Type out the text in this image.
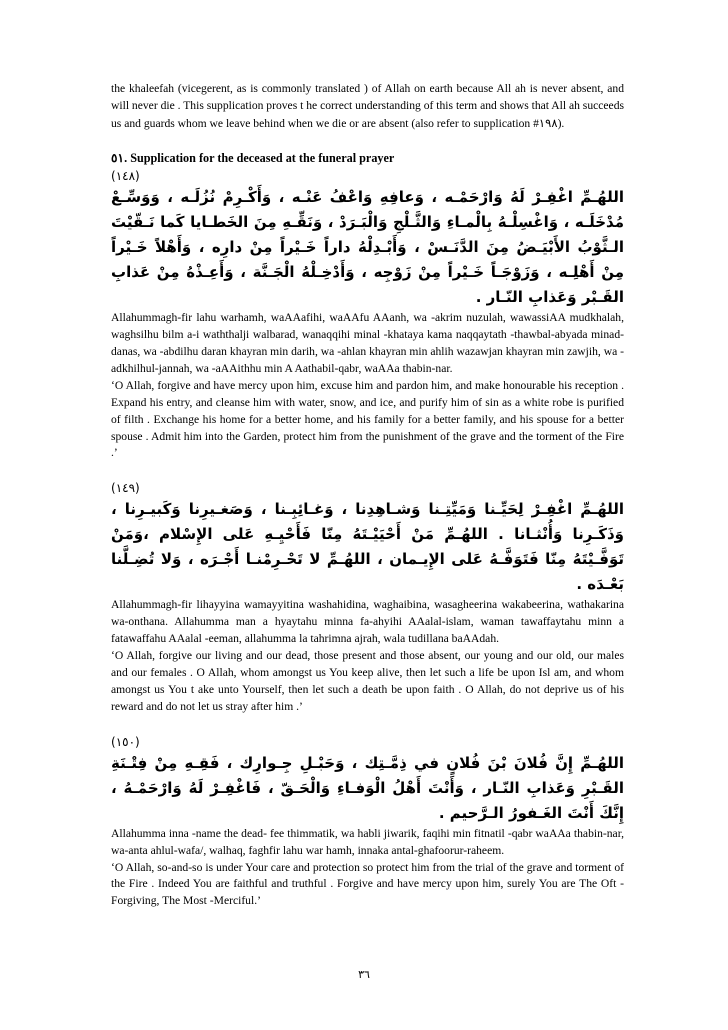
the khaleefah (vicegerent, as is commonly translated ) of Allah on earth because All ah is never absent, and will never die . This supplication proves t he correct understanding of this term and shows that All ah succeeds us and guards whom we leave behind when we die or are absent (also refer to supplication #١٩٨).

٥١. Supplication for the deceased at the funeral prayer

(١٤٨)

اللهُـمِّ اغْفِـرْ لَهُ وَارْحَمْـه ، وَعافِهِ وَاعْفُ عَنْـه ، وَأَكْـرِمْ نُزُلَـه ، وَوَسِّـعْ مُدْخَلَـه ، وَاغْسِلْـهُ بِالْمـاءِ وَالثَّـلْجِ وَالْبَـرَدْ ، وَنَقِّـهِ مِنَ الخَطـايا كَما نَـقّيْتَ الـثَّوْبُ الأَبْيَـضُ مِنَ الدَّنَـسْ ، وَأَبْـدِلْهُ داراً خَـيْراً مِنْ دارِه ، وَأَهْلاً خَـيْراً مِنْ أَهْلِـه ، وَزَوْجَـاً خَـيْراً مِنْ زَوْجِه ، وَأَدْخِـلْهُ الْجَـنَّة ، وَأَعِـذْهُ مِنْ عَذابِ القَـبْر وَعَذابِ النّـار .

Allahummagh-fir lahu warhamh, waAAafihi, waAAfu AAanh, wa -akrim nuzulah, wawassiAA mudkhalah, waghsilhu bilm a-i waththalji walbarad, wanaqqihi minal -khataya kama naqqaytath -thawbal-abyada minad-danas, wa -abdilhu daran khayran min darih, wa -ahlan khayran min ahlih wazawjan khayran min zawjih, wa -adkhilhul-jannah, wa -aAAithhu min A Aathabil-qabr, waAAa thabin-nar.

‘O Allah, forgive and have mercy upon him, excuse him and pardon him, and make honourable his reception . Expand his entry, and cleanse him with water, snow, and ice, and purify him of sin as a white robe is purified of filth . Exchange his home for a better home, and his family for a better family, and his spouse for a better spouse . Admit him into the Garden, protect him from the punishment of the grave and the torment of the Fire .’

(١٤٩)

اللهُـمِّ اغْفِـرْ لِحَيِّـنا وَمَيِّتِـنا وَشـاهِدِنا ، وَغـائِبِـنا ، وَصَغـيرِنا وَكَبيـرِنا ، وَذَكَـرِنا وَأُنْثـانا . اللهُـمِّ مَنْ أَحْيَيْـتَهُ مِنّا فَأَحْيِـهِ عَلى الإِسْلام ،وَمَنْ تَوَفَّـيْتَهُ مِنّا فَتَوَفَّـهُ عَلى الإِيـمان ، اللهُـمِّ لا تَحْـرِمْنـا أَجْـرَه ، وَلا تُضِـلَّنا بَعْـدَه .

Allahummagh-fir lihayyina wamayyitina washahidina, waghaibina, wasagheerina wakabeerina, wathakarina wa-onthana. Allahumma man a hyaytahu minna fa-ahyihi AAalal-islam, waman tawaffaytahu minn a fatawaffahu AAalal -eeman, allahumma la tahrimna ajrah, wala tudillana baAAdah.

‘O Allah, forgive our living and our dead, those present and those absent, our young and our old, our males and our females . O Allah, whom amongst us You keep alive, then let such a life be upon Isl am, and whom amongst us You t ake unto Yourself, then let such a death be upon faith . O Allah, do not deprive us of his reward and do not let us stray after him .’

(١٥٠)

اللهُـمِّ إِنَّ فُلانَ بْنَ فُلانٍ في ذِمَّـتِك ، وَحَبْـلِ جِـوارِك ، فَقِـهِ مِنْ فِتْـنَةِ القَـبْرِ وَعَذابِ النّـار ، وَأَنْتَ أَهْلُ الْوَفـاءِ وَالْحَـقّ ، فَاغْفِـرْ لَهُ وَارْحَمْـهُ ، إِنَّكَ أَنْتَ الغَـفورُ الـرَّحيم .

Allahumma inna -name the dead- fee thimmatik, wa habli jiwarik, faqihi min fitnatil -qabr waAAa thabin-nar, wa-anta ahlul-wafa/, walhaq, faghfir lahu war hamh, innaka antal-ghafoorur-raheem.

‘O Allah, so-and-so is under Your care and protection so protect him from the trial of the grave and torment of the Fire . Indeed You are faithful and truthful . Forgive and have mercy upon him, surely You are The Oft -Forgiving, The Most -Merciful.’

٣٦
